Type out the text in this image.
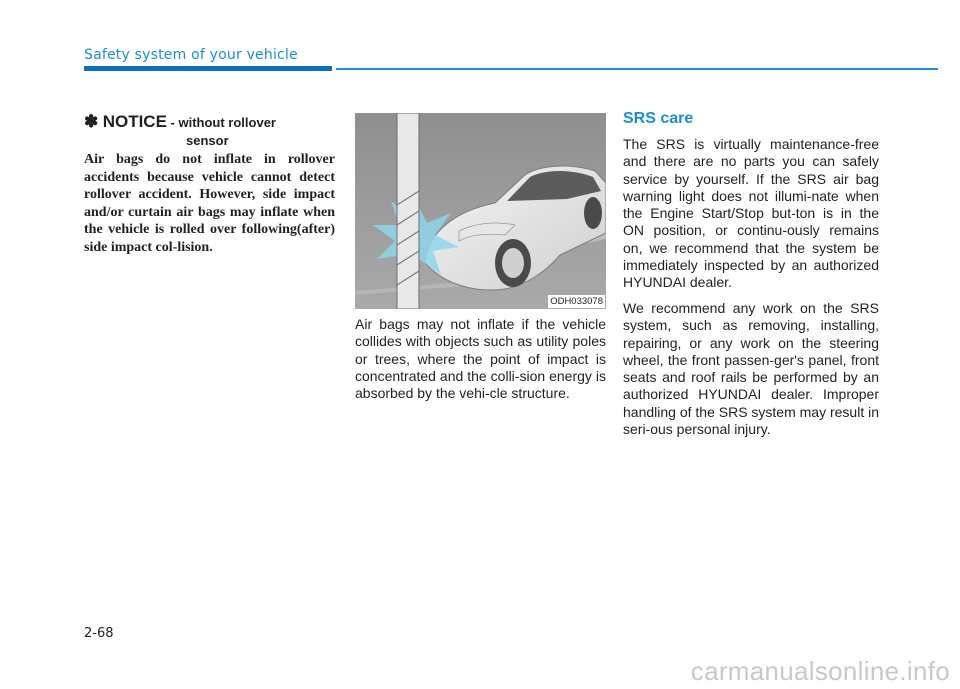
Safety system of your vehicle
✽ NOTICE - without rollover
sensor

Air bags do not inflate in rollover accidents because vehicle cannot detect rollover accident. However, side impact and/or curtain air bags may inflate when the vehicle is rolled over following(after) side impact col-lision.

ODH033078

Air bags may not inflate if the vehicle collides with objects such as utility poles or trees, where the point of impact is concentrated and the colli-sion energy is absorbed by the vehi-cle structure.

SRS care

The SRS is virtually maintenance-free and there are no parts you can safely service by yourself. If the SRS air bag warning light does not illumi-nate when the Engine Start/Stop but-ton is in the ON position, or continu-ously remains on, we recommend that the system be immediately inspected by an authorized HYUNDAI dealer.

We recommend any work on the SRS system, such as removing, installing, repairing, or any work on the steering wheel, the front passen-ger's panel, front seats and roof rails be performed by an authorized HYUNDAI dealer. Improper handling of the SRS system may result in seri-ous personal injury.

2-68
carmanualsonline.info
